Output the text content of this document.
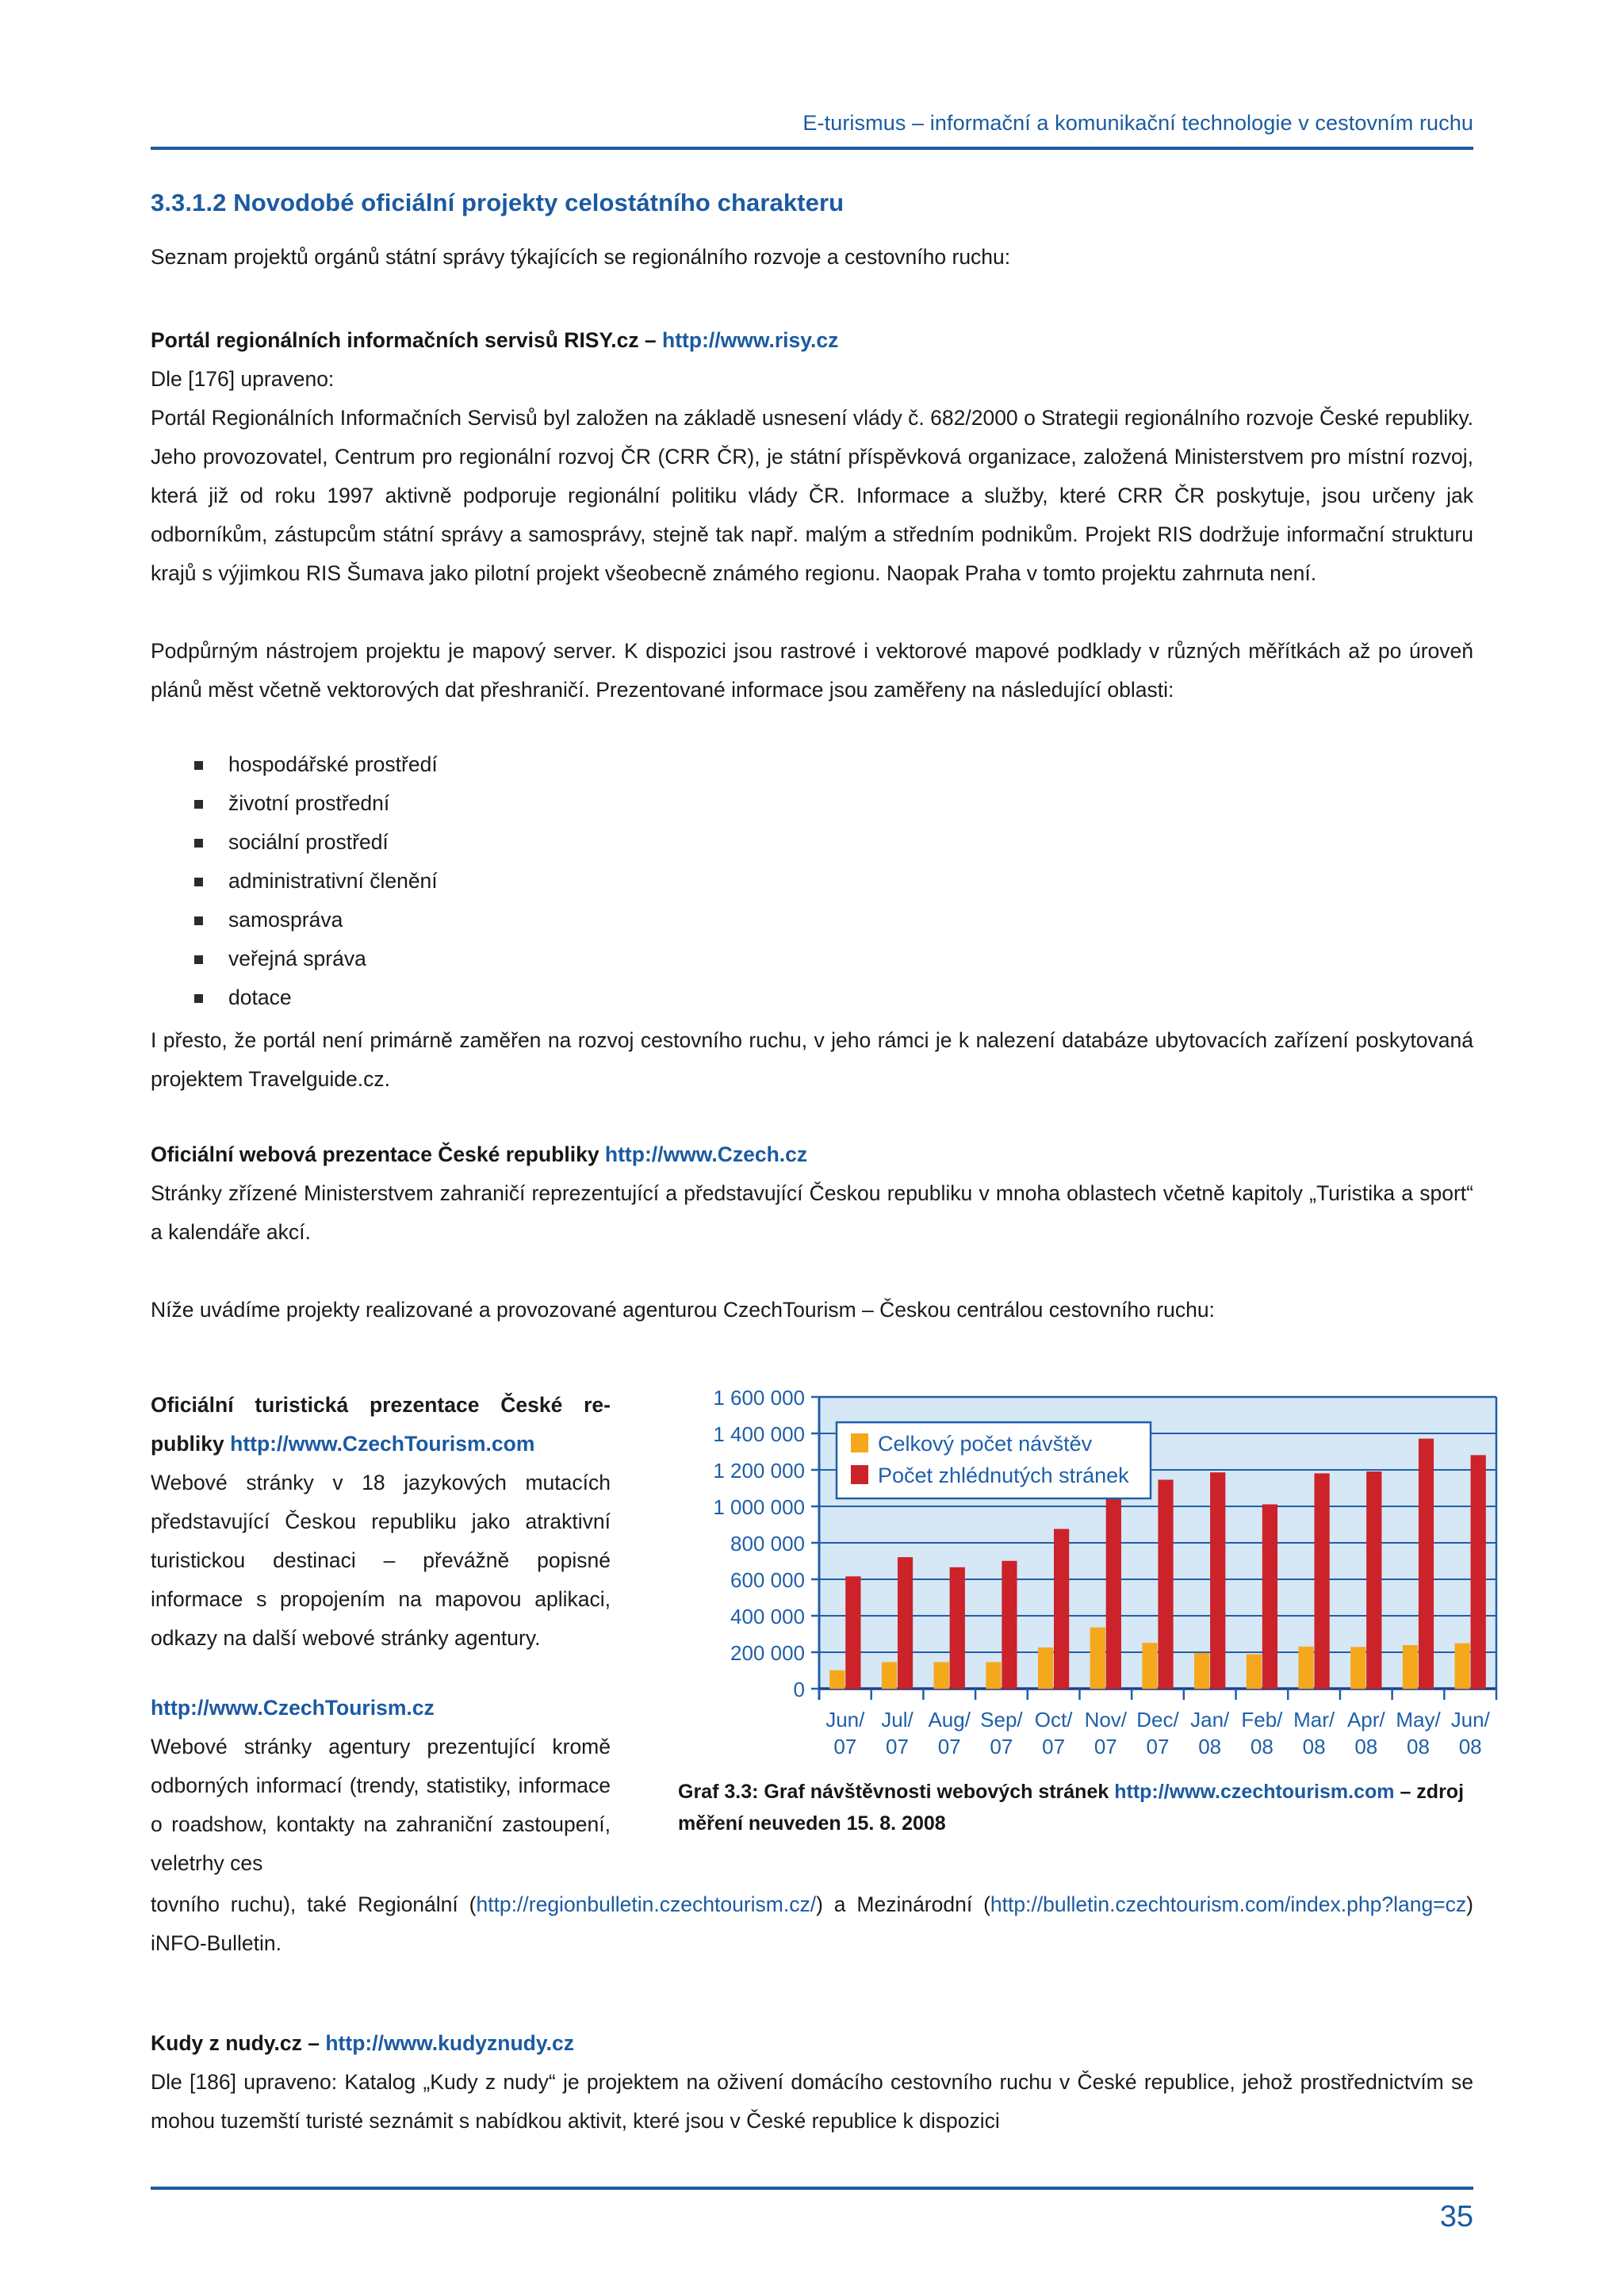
E-turismus – informační a komunikační technologie v cestovním ruchu
3.3.1.2 Novodobé oficiální projekty celostátního charakteru
Seznam projektů orgánů státní správy týkajících se regionálního rozvoje a cestovního ruchu:
Portál regionálních informačních servisů RISY.cz – http://www.risy.cz
Dle [176] upraveno:
Portál Regionálních Informačních Servisů byl založen na základě usnesení vlády č. 682/2000 o Strategii regionálního rozvoje České republiky. Jeho provozovatel, Centrum pro regionální rozvoj ČR (CRR ČR), je státní příspěvková organizace, založená Ministerstvem pro místní rozvoj, která již od roku 1997 aktivně podporuje regionální politiku vlády ČR. Informace a služby, které CRR ČR poskytuje, jsou určeny jak odborníkům, zástupcům státní správy a samosprávy, stejně tak např. malým a středním podnikům. Projekt RIS dodržuje informační strukturu krajů s výjimkou RIS Šumava jako pilotní projekt všeobecně známého regionu. Naopak Praha v tomto projektu zahrnuta není.
Podpůrným nástrojem projektu je mapový server. K dispozici jsou rastrové i vektorové mapové podklady v různých měřítkách až po úroveň plánů měst včetně vektorových dat přeshraničí. Prezentované informace jsou zaměřeny na následující oblasti:
hospodářské prostředí
životní prostřední
sociální prostředí
administrativní členění
samospráva
veřejná správa
dotace
I přesto, že portál není primárně zaměřen na rozvoj cestovního ruchu, v jeho rámci je k nalezení databáze ubytovacích zařízení poskytovaná projektem Travelguide.cz.
Oficiální webová prezentace České republiky http://www.Czech.cz
Stránky zřízené Ministerstvem zahraničí reprezentující a představující Českou republiku v mnoha oblastech včetně kapitoly „Turistika a sport“ a kalendáře akcí.
Níže uvádíme projekty realizované a provozované agenturou CzechTourism – Českou centrálou cestovního ruchu:
Oficiální turistická prezentace České republiky http://www.CzechTourism.com
Webové stránky v 18 jazykových mutacích představující Českou republiku jako atraktivní turistickou destinaci – převážně popisné informace s propojením na mapovou aplikaci, odkazy na další webové stránky agentury.
http://www.CzechTourism.cz
Webové stránky agentury prezentující kromě odborných informací (trendy, statistiky, informace o roadshow, kontakty na zahraniční zastoupení, veletrhy ces
0
200 000
400 000
600 000
800 000
1 000 000
1 200 000
1 400 000
1 600 000
Celkový počet návštěv
Počet zhlédnutých stránek
Jun/
07
Jul/
07
Aug/
07
Sep/
07
Oct/
07
Nov/
07
Dec/
07
Jan/
08
Feb/
08
Mar/
08
Apr/
08
May/
08
Jun/
08
Graf 3.3: Graf návštěvnosti webových stránek http://www.czechtourism.com – zdroj měření neuveden 15. 8. 2008
tovního ruchu), také Regionální (http://regionbulletin.czechtourism.cz/) a Mezinárodní (http://bulletin.czechtourism.com/index.php?lang=cz) iNFO-Bulletin.
Kudy z nudy.cz – http://www.kudyznudy.cz
Dle [186] upraveno: Katalog „Kudy z nudy“ je projektem na oživení domácího cestovního ruchu v České republice, jehož prostřednictvím se mohou tuzemští turisté seznámit s nabídkou aktivit, které jsou v České republice k dispozici
35
